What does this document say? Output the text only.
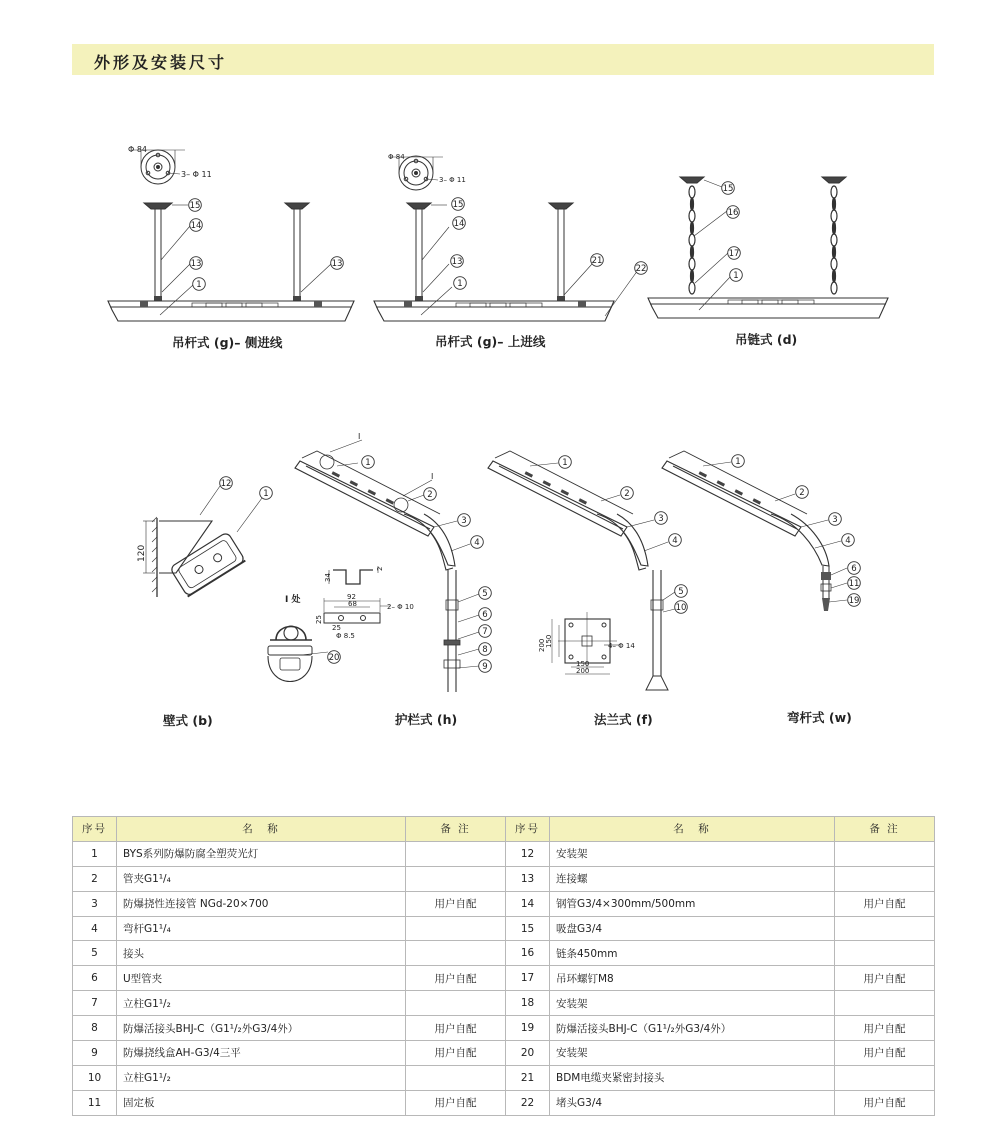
外形及安装尺寸
15
14
13
1
13
15
14
13
1
21
22
15
16
17
1
12
1
1
2
3
4
5
6
7
8
9
20
1
2
3
4
5
10
1
2
3
4
6
11
19
Φ 84
3– Φ 11
Φ 84
3– Φ 11
120
I 处
34
2
92
68
25
25
Φ 8.5
2– Φ 10
200 150
150
200
4– Φ 14
I
I
吊杆式 (g)– 侧进线	吊杆式 (g)– 上进线	吊链式 (d)
壁式 (b)	护栏式 (h)	法兰式 (f)	弯杆式 (w)
序号	名　称	备 注	序号	名　称	备 注
1	BYS系列防爆防腐全塑荧光灯		12	安装架	
2	管夹G1¹/₄		13	连接螺	
3	防爆挠性连接管 NGd-20×700	用户自配	14	钢管G3/4×300mm/500mm	用户自配
4	弯杆G1¹/₄		15	吸盘G3/4	
5	接头		16	链条450mm	
6	U型管夹	用户自配	17	吊环螺钉M8	用户自配
7	立柱G1¹/₂		18	安装架	
8	防爆活接头BHJ-C（G1¹/₂外G3/4外）	用户自配	19	防爆活接头BHJ-C（G1¹/₂外G3/4外）	用户自配
9	防爆挠线盒AH-G3/4三平	用户自配	20	安装架	用户自配
10	立柱G1¹/₂		21	BDM电缆夹紧密封接头	
11	固定板	用户自配	22	堵头G3/4	用户自配
